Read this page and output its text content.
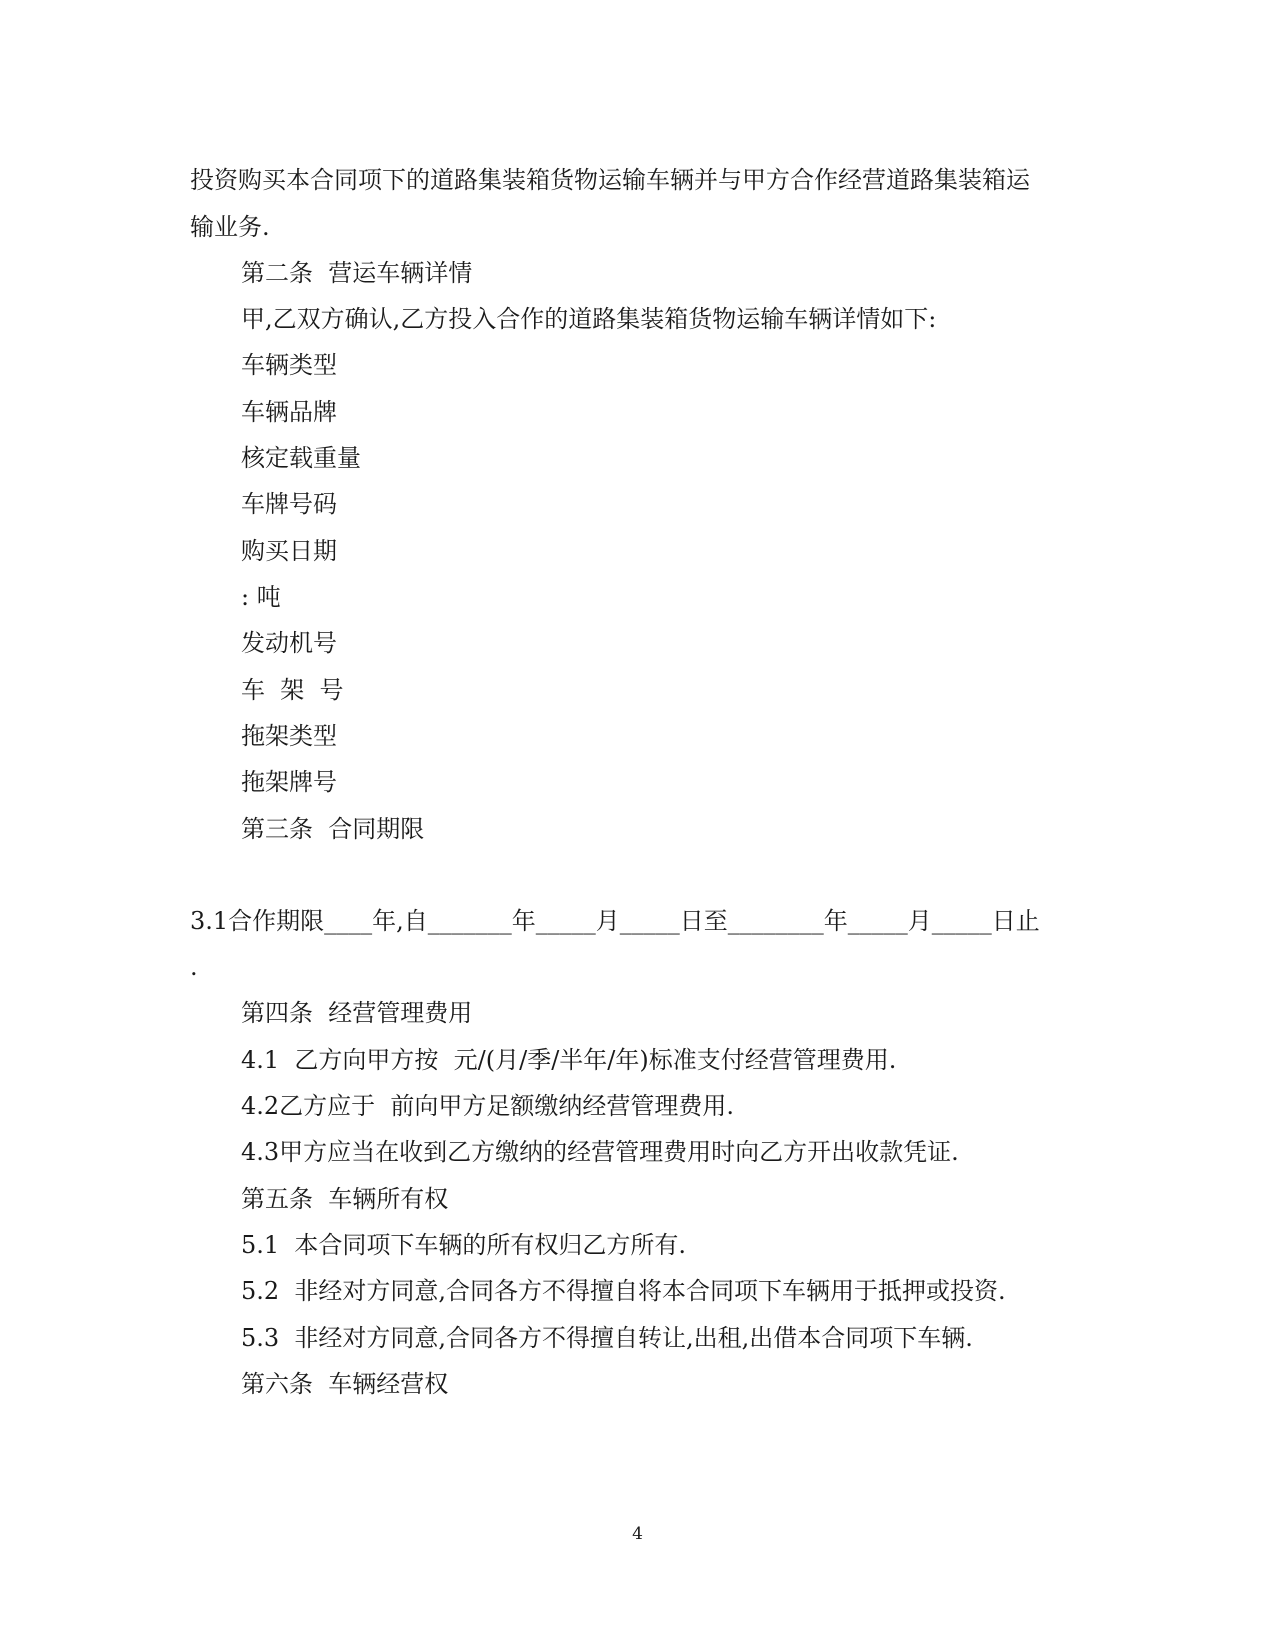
投资购买本合同项下的道路集装箱货物运输车辆并与甲方合作经营道路集装箱运
输业务.
第二条  营运车辆详情
甲,乙双方确认,乙方投入合作的道路集装箱货物运输车辆详情如下:
车辆类型
车辆品牌
核定载重量
车牌号码
购买日期
: 吨
发动机号
车  架  号
拖架类型
拖架牌号
第三条  合同期限
3.1合作期限____年,自_______年_____月_____日至________年_____月_____日止
.
第四条  经营管理费用
4.1  乙方向甲方按  元/(月/季/半年/年)标准支付经营管理费用.
4.2乙方应于  前向甲方足额缴纳经营管理费用.
4.3甲方应当在收到乙方缴纳的经营管理费用时向乙方开出收款凭证.
第五条  车辆所有权
5.1  本合同项下车辆的所有权归乙方所有.
5.2  非经对方同意,合同各方不得擅自将本合同项下车辆用于抵押或投资.
5.3  非经对方同意,合同各方不得擅自转让,出租,出借本合同项下车辆.
第六条  车辆经营权
4
